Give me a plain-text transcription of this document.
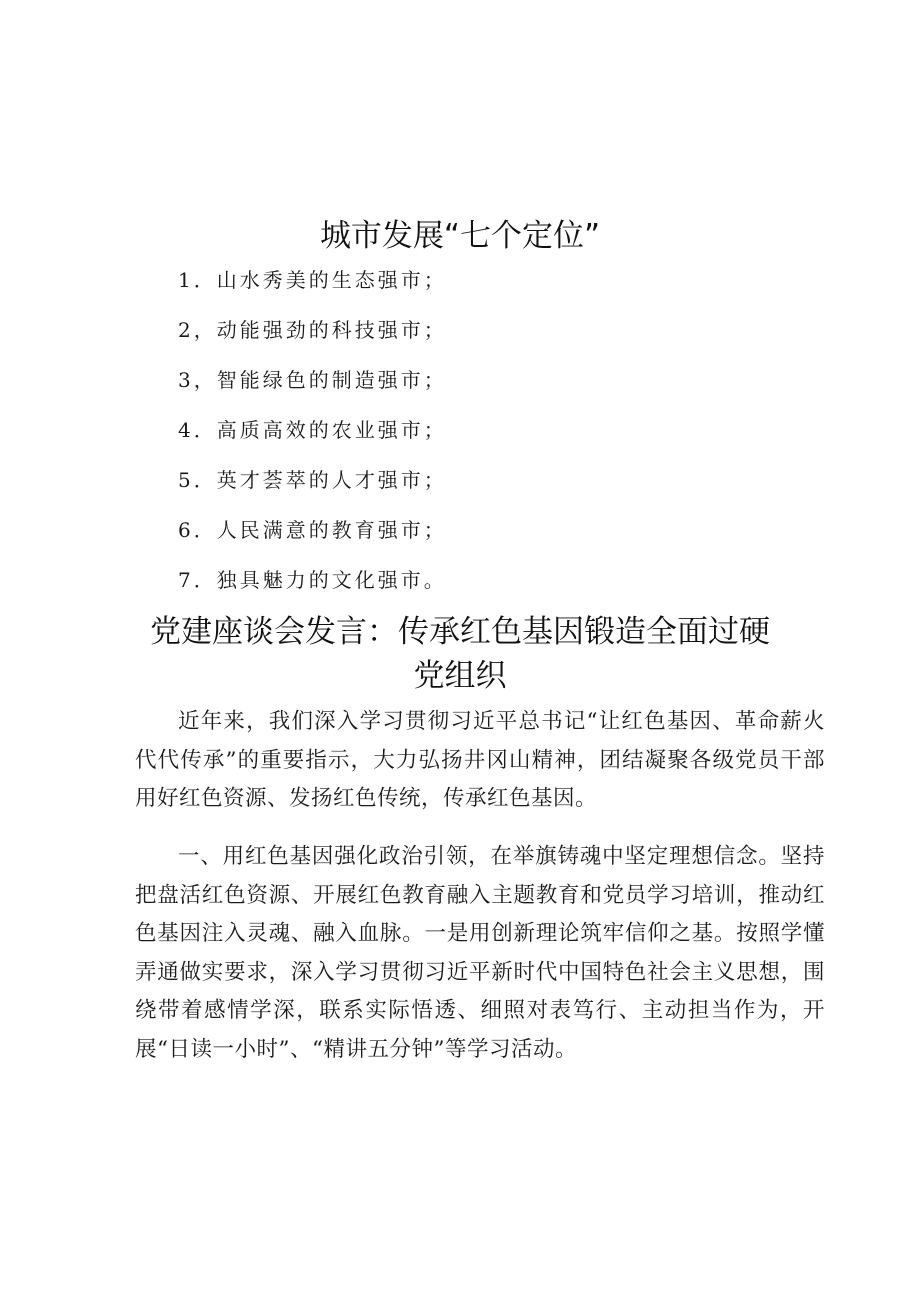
城市发展“七个定位”
1．山水秀美的生态强市；
2，动能强劲的科技强市；
3，智能绿色的制造强市；
4．高质高效的农业强市；
5．英才荟萃的人才强市；
6．人民满意的教育强市；
7．独具魅力的文化强市。
党建座谈会发言：传承红色基因锻造全面过硬
党组织

近年来，我们深入学习贯彻习近平总书记“让红色基因、革命薪火代代传承”的重要指示，大力弘扬井冈山精神，团结凝聚各级党员干部用好红色资源、发扬红色传统，传承红色基因。

一、用红色基因强化政治引领，在举旗铸魂中坚定理想信念。坚持把盘活红色资源、开展红色教育融入主题教育和党员学习培训，推动红色基因注入灵魂、融入血脉。一是用创新理论筑牢信仰之基。按照学懂弄通做实要求，深入学习贯彻习近平新时代中国特色社会主义思想，围绕带着感情学深，联系实际悟透、细照对表笃行、主动担当作为，开展“日读一小时”、“精讲五分钟”等学习活动。
